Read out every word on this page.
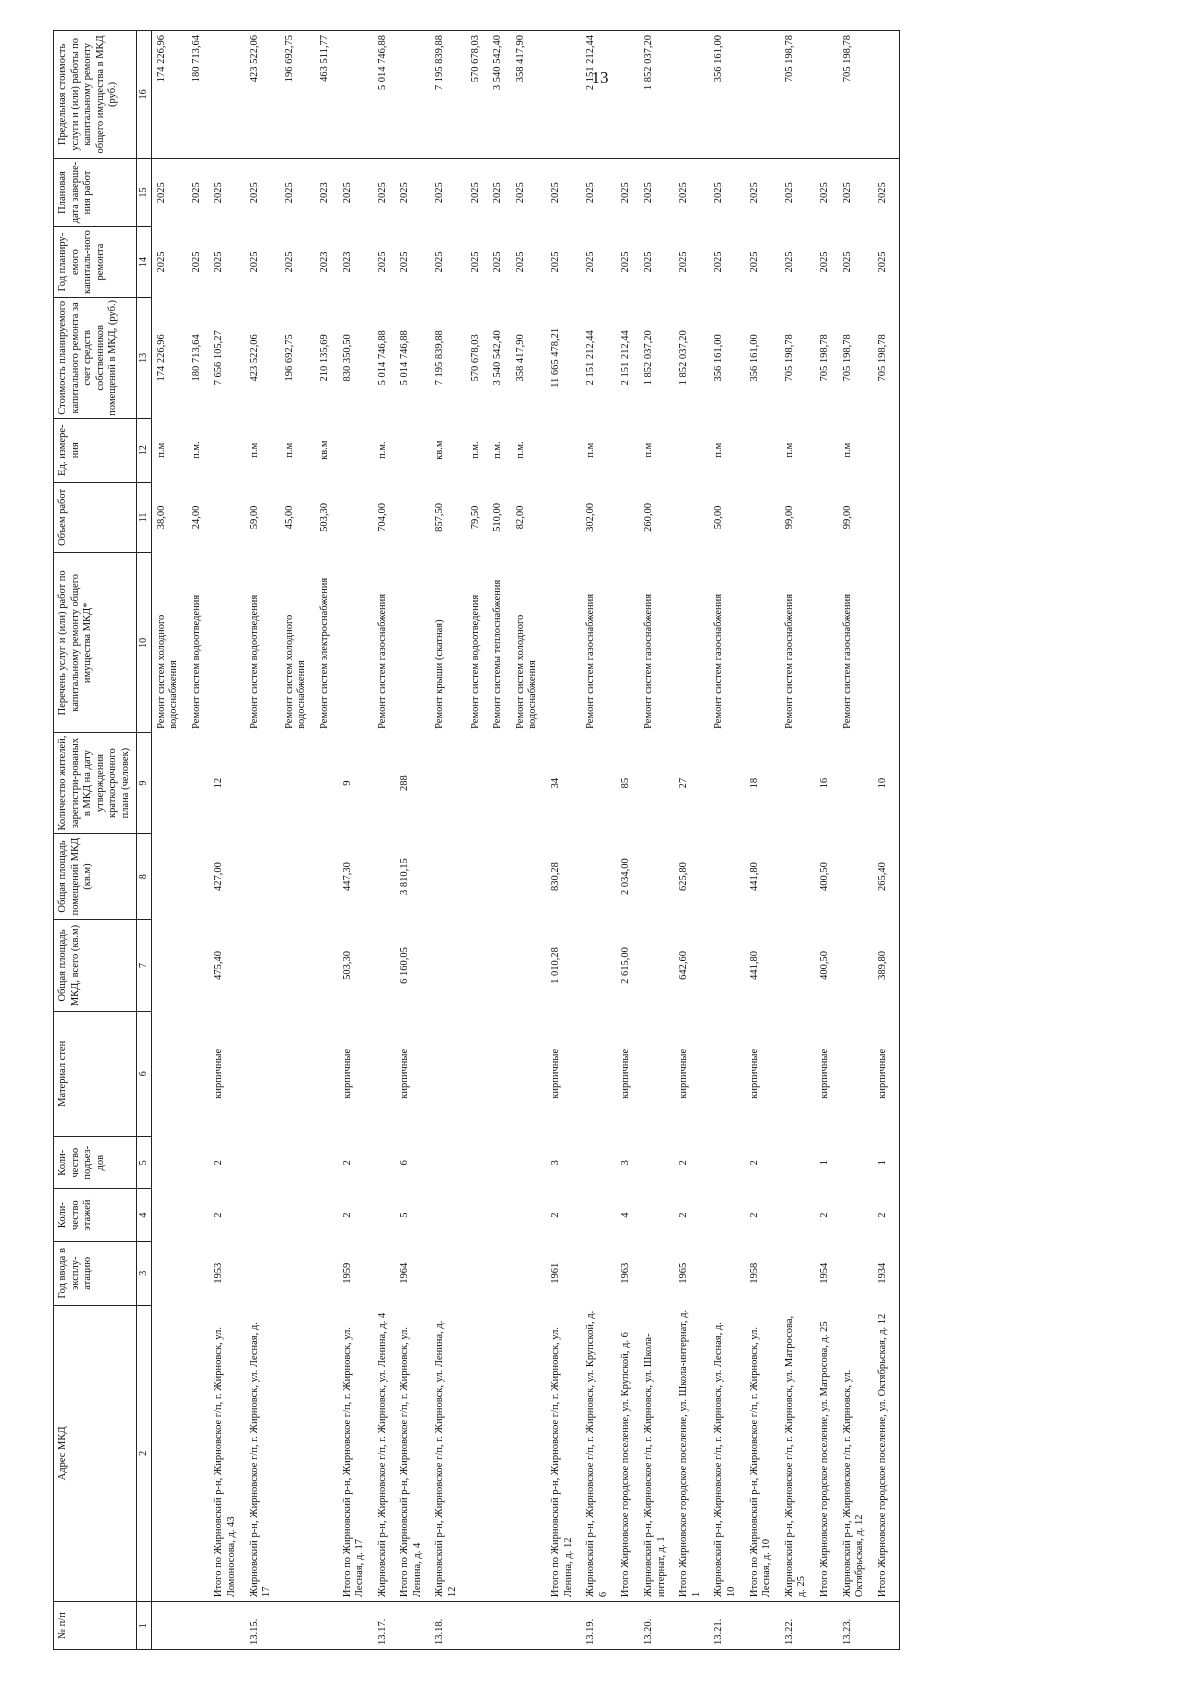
13
№ п/п	Адрес МКД	Год ввода в эксплу-атацию	Коли-чество этажей	Коли-чество подъез-дов	Материал стен	Общая площадь МКД, всего (кв.м)	Общая площадь помещений МКД (кв.м)	Количество жителей, зарегистри-рованых в МКД на дату утверждения краткосрочного плана (человек)	Перечень услуг и (или) работ по капитальному ремонту общего имущества МКД*	Объем работ	Ед. измере-ния	Стоимость планируемого капитального ремонта за счет средств собственников помещений в МКД, (руб.)	Год планиру-емого капиталь-ного ремонта	Плановая дата заверше-ния работ	Предельная стоимость услуги и (или) работы по капитальному ремонту общего имущества в МКД (руб.)
1	2	3	4	5	6	7	8	9	10	11	12	13	14	15	16
									Ремонт систем холодного водоснабжения	38,00	п.м	174 226,96	2025	2025	174 226,96
									Ремонт систем водоотведения	24,00	п.м.	180 713,64	2025	2025	180 713,64
	Итого по Жирновский р-н, Жирновское г/п, г. Жирновск, ул. Ломоносова, д. 43	1953	2	2	кирпичные	475,40	427,00	12				7 656 105,27	2025	2025	
13.15.	Жирновский р-н, Жирновское г/п, г. Жирновск, ул. Лесная, д. 17								Ремонт систем водоотведения	59,00	п.м	423 522,06	2025	2025	423 522,06
									Ремонт систем холодного водоснабжения	45,00	п.м	196 692,75	2025	2025	196 692,75
									Ремонт систем электроснабжения	503,30	кв.м	210 135,69	2023	2023	463 511,77
	Итого по Жирновский р-н, Жирновское г/п, г. Жирновск, ул. Лесная, д. 17	1959	2	2	кирпичные	503,30	447,30	9				830 350,50	2023	2025	
13.17.	Жирновский р-н, Жирновское г/п, г. Жирновск, ул. Ленина, д. 4								Ремонт систем газоснабжения	704,00	п.м.	5 014 746,88	2025	2025	5 014 746,88
	Итого по Жирновский р-н, Жирновское г/п, г. Жирновск, ул. Ленина, д. 4	1964	5	6	кирпичные	6 160,05	3 810,15	288				5 014 746,88	2025	2025	
13.18.	Жирновский р-н, Жирновское г/п, г. Жирновск, ул. Ленина, д. 12								Ремонт крыши (скатная)	857,50	кв.м	7 195 839,88	2025	2025	7 195 839,88
									Ремонт систем водоотведения	79,50	п.м.	570 678,03	2025	2025	570 678,03
									Ремонт системы теплоснабжения	510,00	п.м.	3 540 542,40	2025	2025	3 540 542,40
									Ремонт систем холодного водоснабжения	82,00	п.м.	358 417,90	2025	2025	358 417,90
	Итого по Жирновский р-н, Жирновское г/п, г. Жирновск, ул. Ленина, д. 12	1961	2	3	кирпичные	1 010,28	830,28	34				11 665 478,21	2025	2025	
13.19.	Жирновский р-н, Жирновское г/п, г. Жирновск, ул. Крупской, д. 6								Ремонт систем газоснабжения	302,00	п.м	2 151 212,44	2025	2025	2 151 212,44
	Итого Жирновское городское поселение, ул. Крупской, д. 6	1963	4	3	кирпичные	2 615,00	2 034,00	85				2 151 212,44	2025	2025	
13.20.	Жирновский р-н, Жирновское г/п, г. Жирновск, ул. Школа-интернат, д. 1								Ремонт систем газоснабжения	260,00	п.м	1 852 037,20	2025	2025	1 852 037,20
	Итого Жирновское городское поселение, ул. Школа-интернат, д. 1	1965	2	2	кирпичные	642,60	625,80	27				1 852 037,20	2025	2025	
13.21.	Жирновский р-н, Жирновское г/п, г. Жирновск, ул. Лесная, д. 10								Ремонт систем газоснабжения	50,00	п.м	356 161,00	2025	2025	356 161,00
	Итого по Жирновский р-н, Жирновское г/п, г. Жирновск, ул. Лесная, д. 10	1958	2	2	кирпичные	441,80	441,80	18				356 161,00	2025	2025	
13.22.	Жирновский р-н, Жирновское г/п, г. Жирновск, ул. Матросова, д. 25								Ремонт систем газоснабжения	99,00	п.м	705 198,78	2025	2025	705 198,78
	Итого Жирновское городское поселение, ул. Матросова, д. 25	1954	2	1	кирпичные	400,50	400,50	16				705 198,78	2025	2025	
13.23.	Жирновский р-н, Жирновское г/п, г. Жирновск, ул. Октябрьская, д. 12								Ремонт систем газоснабжения	99,00	п.м	705 198,78	2025	2025	705 198,78
	Итого Жирновское городское поселение, ул. Октябрьская, д. 12	1934	2	1	кирпичные	389,80	265,40	10				705 198,78	2025	2025	
